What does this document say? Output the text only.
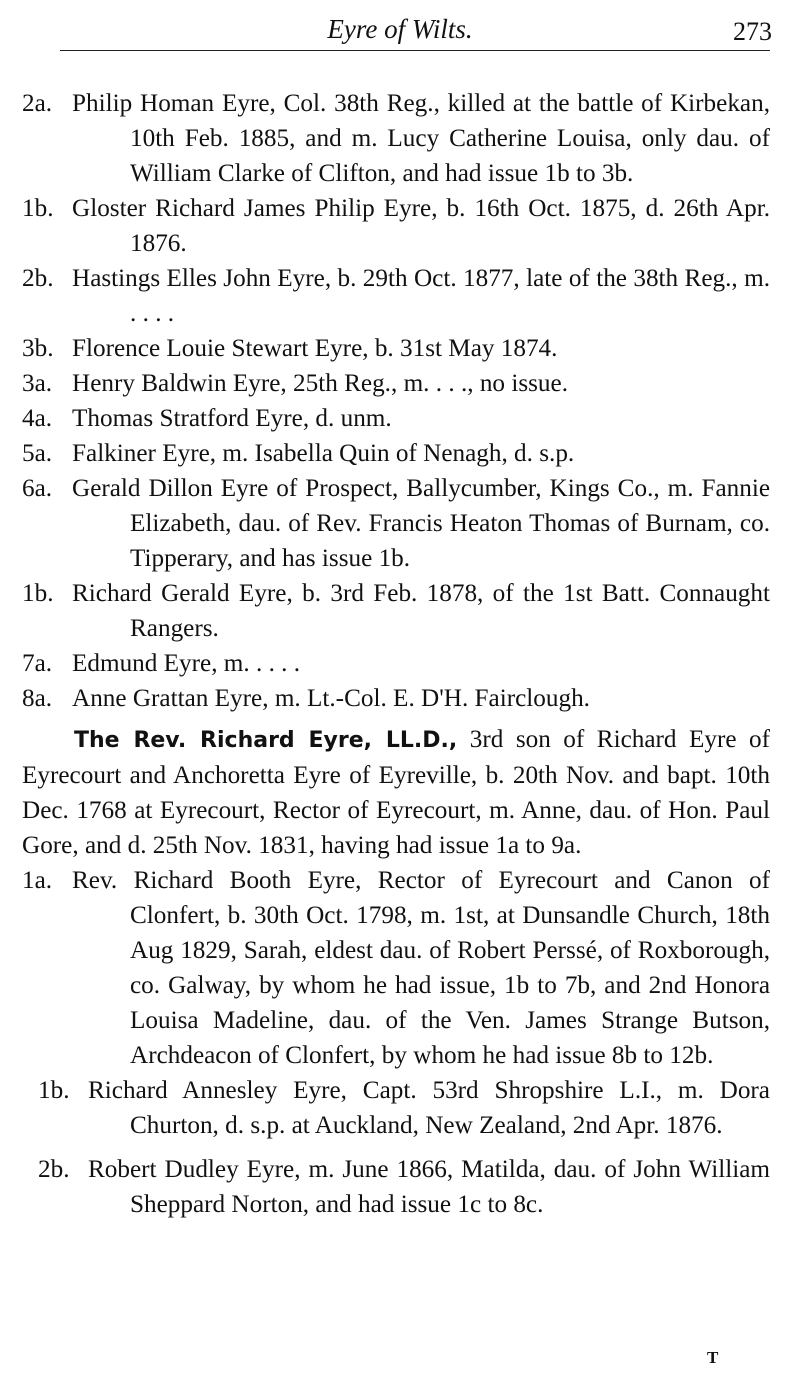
Eyre of Wilts.	273
2a. Philip Homan Eyre, Col. 38th Reg., killed at the battle of Kirbekan, 10th Feb. 1885, and m. Lucy Catherine Louisa, only dau. of William Clarke of Clifton, and had issue 1b to 3b.
1b. Gloster Richard James Philip Eyre, b. 16th Oct. 1875, d. 26th Apr. 1876.
2b. Hastings Elles John Eyre, b. 29th Oct. 1877, late of the 38th Reg., m. . . . .
3b. Florence Louie Stewart Eyre, b. 31st May 1874.
3a. Henry Baldwin Eyre, 25th Reg., m. . . ., no issue.
4a. Thomas Stratford Eyre, d. unm.
5a. Falkiner Eyre, m. Isabella Quin of Nenagh, d. s.p.
6a. Gerald Dillon Eyre of Prospect, Ballycumber, Kings Co., m. Fannie Elizabeth, dau. of Rev. Francis Heaton Thomas of Burnam, co. Tipperary, and has issue 1b.
1b. Richard Gerald Eyre, b. 3rd Feb. 1878, of the 1st Batt. Connaught Rangers.
7a. Edmund Eyre, m. . . . .
8a. Anne Grattan Eyre, m. Lt.-Col. E. D'H. Fairclough.

The Rev. Richard Eyre, LL.D., 3rd son of Richard Eyre of Eyrecourt and Anchoretta Eyre of Eyreville, b. 20th Nov. and bapt. 10th Dec. 1768 at Eyrecourt, Rector of Eyrecourt, m. Anne, dau. of Hon. Paul Gore, and d. 25th Nov. 1831, having had issue 1a to 9a.

1a. Rev. Richard Booth Eyre, Rector of Eyrecourt and Canon of Clonfert, b. 30th Oct. 1798, m. 1st, at Dunsandle Church, 18th Aug 1829, Sarah, eldest dau. of Robert Perssé, of Roxborough, co. Galway, by whom he had issue, 1b to 7b, and 2nd Honora Louisa Madeline, dau. of the Ven. James Strange Butson, Archdeacon of Clonfert, by whom he had issue 8b to 12b.
1b. Richard Annesley Eyre, Capt. 53rd Shropshire L.I., m. Dora Churton, d. s.p. at Auckland, New Zealand, 2nd Apr. 1876.
2b. Robert Dudley Eyre, m. June 1866, Matilda, dau. of John William Sheppard Norton, and had issue 1c to 8c.
T
